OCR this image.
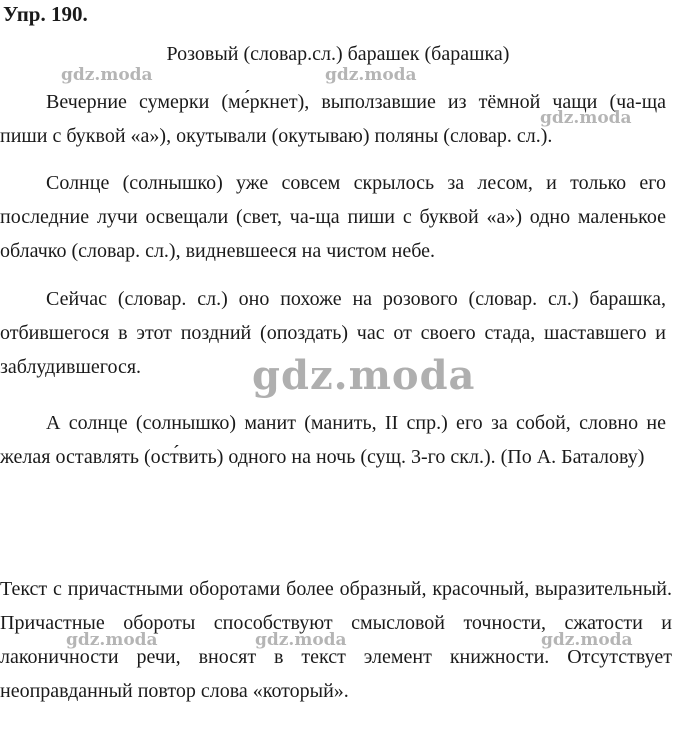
Упр. 190.
Розовый (словар.сл.) барашек (барашка)
Вечерние сумерки (ме́ркнет), выползавшие из тёмной чащи (ча-ща пиши с буквой «а»), окутывали (окутываю) поляны (словар. сл.).
Солнце (солнышко) уже совсем скрылось за лесом, и только его последние лучи освещали (свет, ча-ща пиши с буквой «а») одно маленькое облачко (словар. сл.), видневшееся на чистом небе.
Сейчас (словар. сл.) оно похоже на розового (словар. сл.) барашка, отбившегося в этот поздний (опоздать) час от своего стада, шаставшего и заблудившегося.
А солнце (солнышко) манит (манить, II спр.) его за собой, словно не желая оставлять (ост́вить) одного на ночь (сущ. 3-го скл.). (По А. Баталову)
Текст с причастными оборотами более образный, красочный, выразительный. Причастные обороты способствуют смысловой точности, сжатости и лаконичности речи, вносят в текст элемент книжности. Отсутствует неоправданный повтор слова «который».
gdz.moda	gdz.moda
gdz.moda
gdz.moda
gdz.moda	gdz.moda	gdz.moda
